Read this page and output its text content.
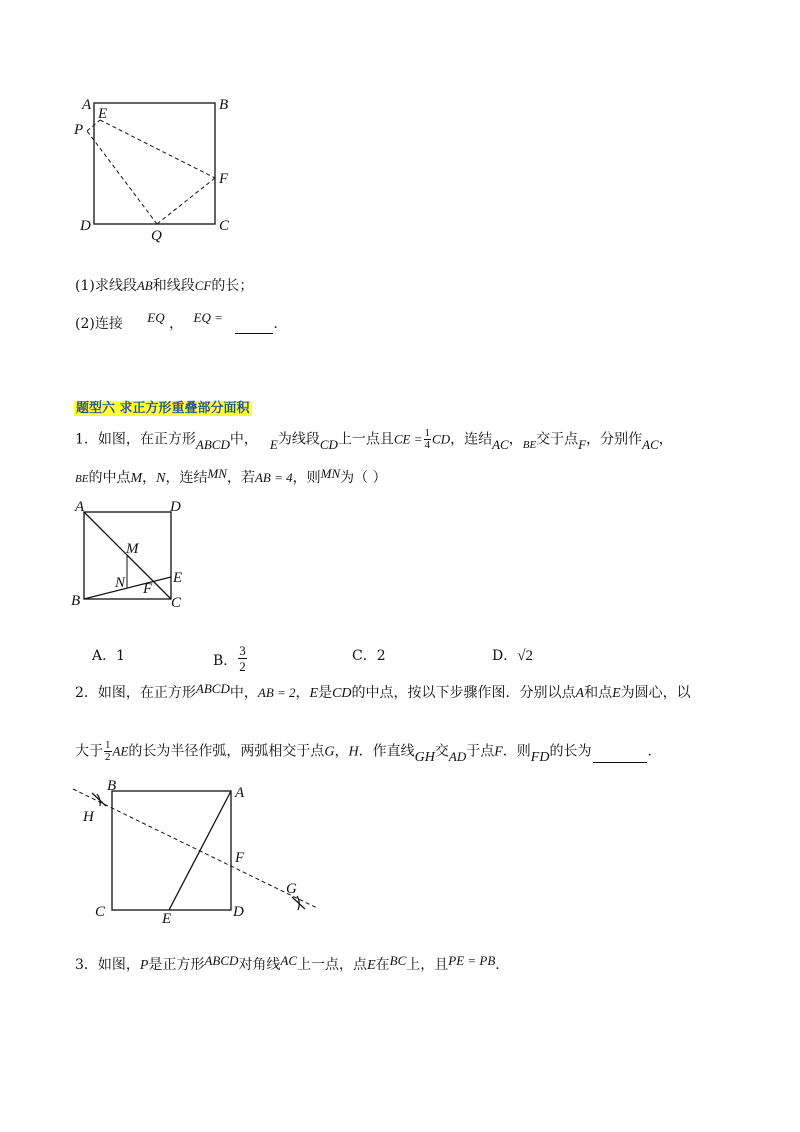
A
E
B
P
F
D
Q
C
(1)求线段AB和线段CF的长；
(2)连接 EQ ， EQ =	.
题型六 求正方形重叠部分面积
1．如图，在正方形ABCD中， E为线段CD上一点且CE = $\frac{1}{4}$ CD，连结AC，$_{BE}$交于点F，分别作AC，
BE的中点M，N，连结MN，若AB = 4，则MN为（ ）
A	D
M
N	E
F
B	C
A．1	B． $\frac{3}{2}$	C．2	D．√2
2．如图，在正方形ABCD中，AB = 2，E是CD的中点，按以下步骤作图．分别以点A和点E为圆心，以
大于 $\frac{1}{2}$ AE的长为半径作弧，两弧相交于点G，H．作直线GH交AD于点F．则FD的长为	.
B	A
H
F
G
C	E	D
3．如图，P是正方形ABCD对角线AC上一点，点E在BC上，且PE = PB.
